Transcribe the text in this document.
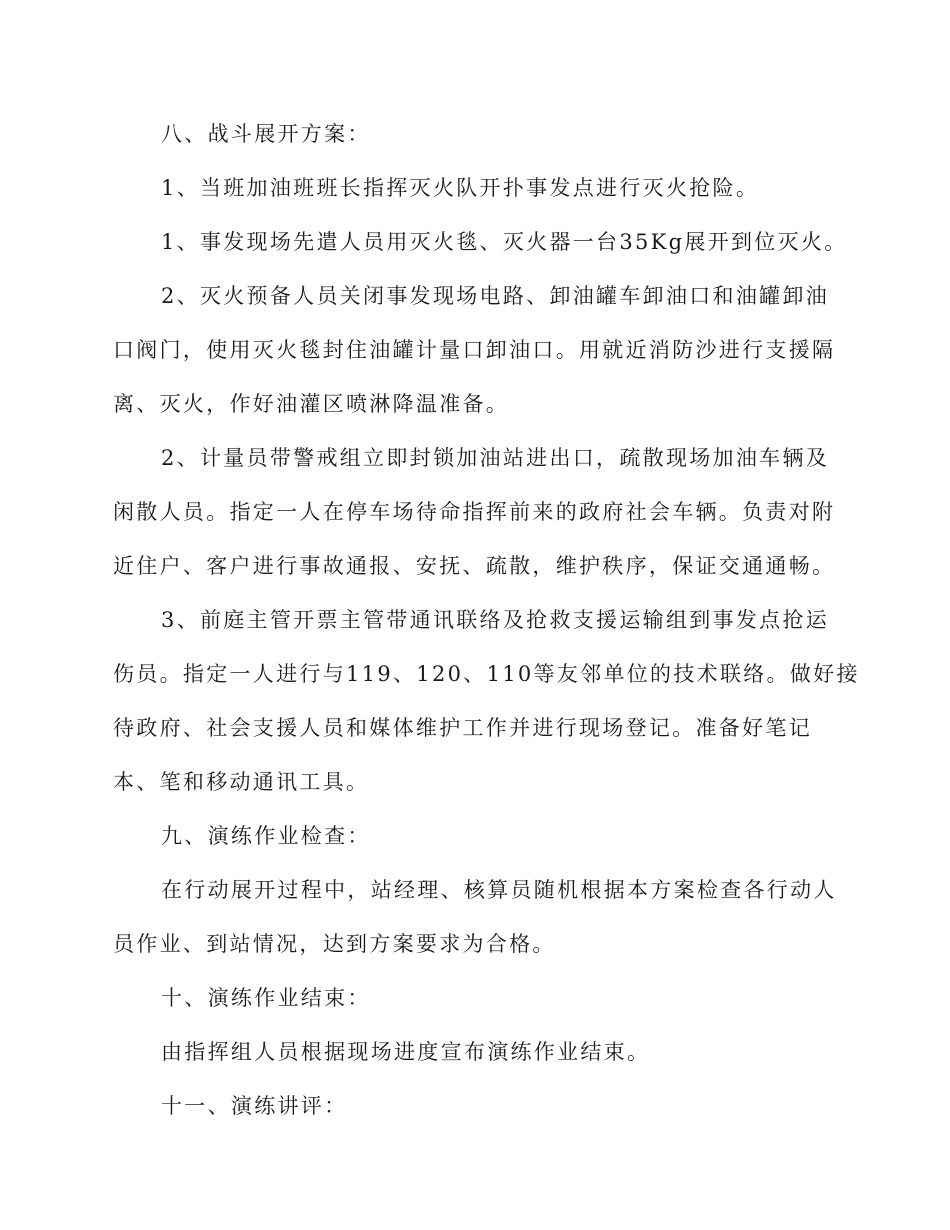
八、战斗展开方案：

1、当班加油班班长指挥灭火队开扑事发点进行灭火抢险。

1、事发现场先遣人员用灭火毯、灭火器一台35Kg展开到位灭火。

2、灭火预备人员关闭事发现场电路、卸油罐车卸油口和油罐卸油
口阀门，使用灭火毯封住油罐计量口卸油口。用就近消防沙进行支援隔
离、灭火，作好油灌区喷淋降温准备。

2、计量员带警戒组立即封锁加油站进出口，疏散现场加油车辆及
闲散人员。指定一人在停车场待命指挥前来的政府社会车辆。负责对附
近住户、客户进行事故通报、安抚、疏散，维护秩序，保证交通通畅。

3、前庭主管开票主管带通讯联络及抢救支援运输组到事发点抢运
伤员。指定一人进行与119、120、110等友邻单位的技术联络。做好接
待政府、社会支援人员和媒体维护工作并进行现场登记。准备好笔记
本、笔和移动通讯工具。

九、演练作业检查：

在行动展开过程中，站经理、核算员随机根据本方案检查各行动人
员作业、到站情况，达到方案要求为合格。

十、演练作业结束：

由指挥组人员根据现场进度宣布演练作业结束。

十一、演练讲评：
